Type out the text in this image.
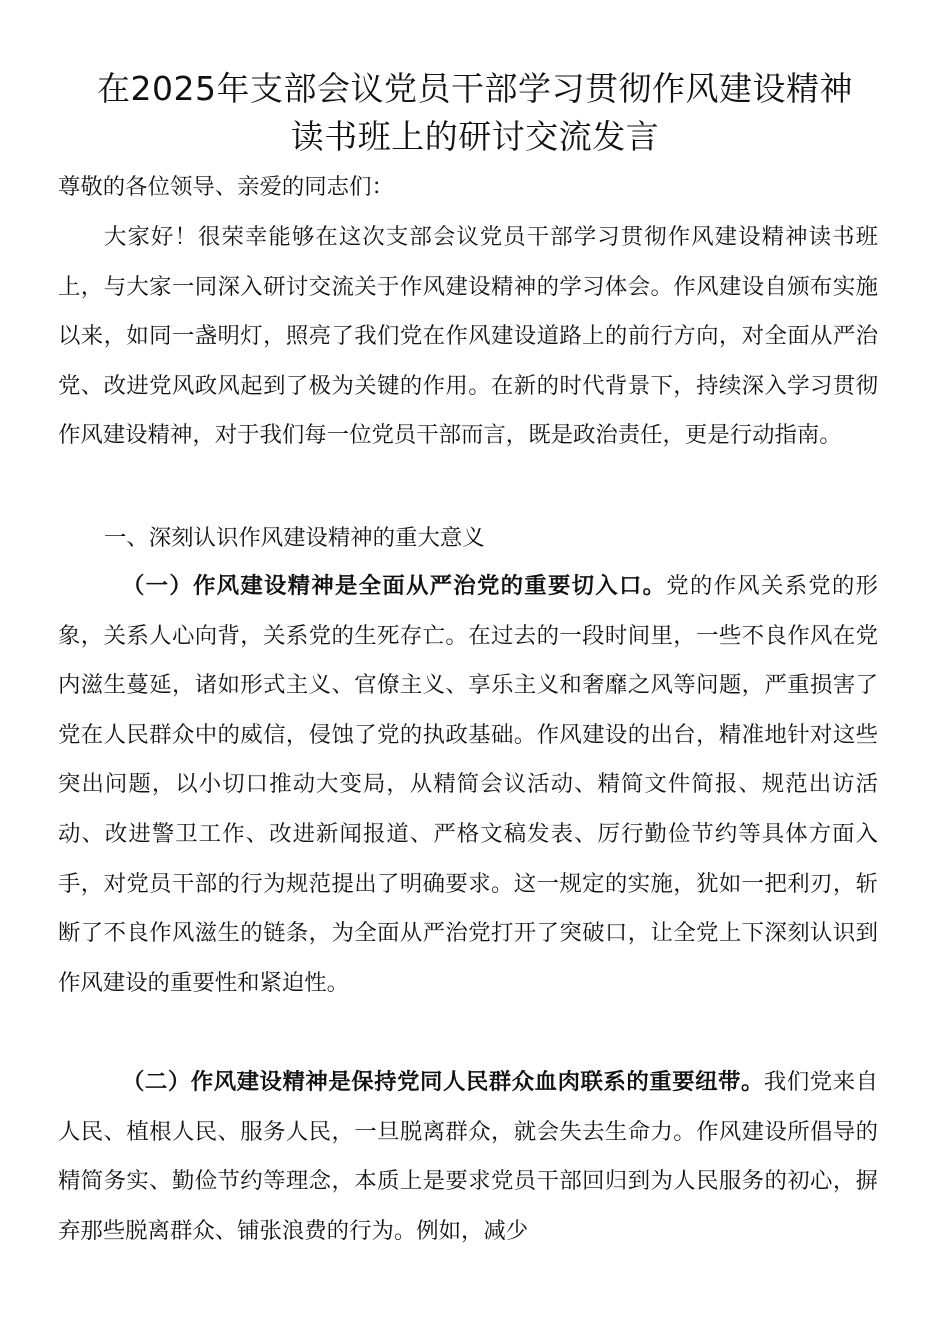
在2025年支部会议党员干部学习贯彻作风建设精神
读书班上的研讨交流发言

尊敬的各位领导、亲爱的同志们：

大家好！很荣幸能够在这次支部会议党员干部学习贯彻作风建设精神读书班上，与大家一同深入研讨交流关于作风建设精神的学习体会。作风建设自颁布实施以来，如同一盏明灯，照亮了我们党在作风建设道路上的前行方向，对全面从严治党、改进党风政风起到了极为关键的作用。在新的时代背景下，持续深入学习贯彻作风建设精神，对于我们每一位党员干部而言，既是政治责任，更是行动指南。

一、深刻认识作风建设精神的重大意义

（一）作风建设精神是全面从严治党的重要切入口。党的作风关系党的形象，关系人心向背，关系党的生死存亡。在过去的一段时间里，一些不良作风在党内滋生蔓延，诸如形式主义、官僚主义、享乐主义和奢靡之风等问题，严重损害了党在人民群众中的威信，侵蚀了党的执政基础。作风建设的出台，精准地针对这些突出问题，以小切口推动大变局，从精简会议活动、精简文件简报、规范出访活动、改进警卫工作、改进新闻报道、严格文稿发表、厉行勤俭节约等具体方面入手，对党员干部的行为规范提出了明确要求。这一规定的实施，犹如一把利刃，斩断了不良作风滋生的链条，为全面从严治党打开了突破口，让全党上下深刻认识到作风建设的重要性和紧迫性。

（二）作风建设精神是保持党同人民群众血肉联系的重要纽带。我们党来自人民、植根人民、服务人民，一旦脱离群众，就会失去生命力。作风建设所倡导的精简务实、勤俭节约等理念，本质上是要求党员干部回归到为人民服务的初心，摒弃那些脱离群众、铺张浪费的行为。例如，减少
